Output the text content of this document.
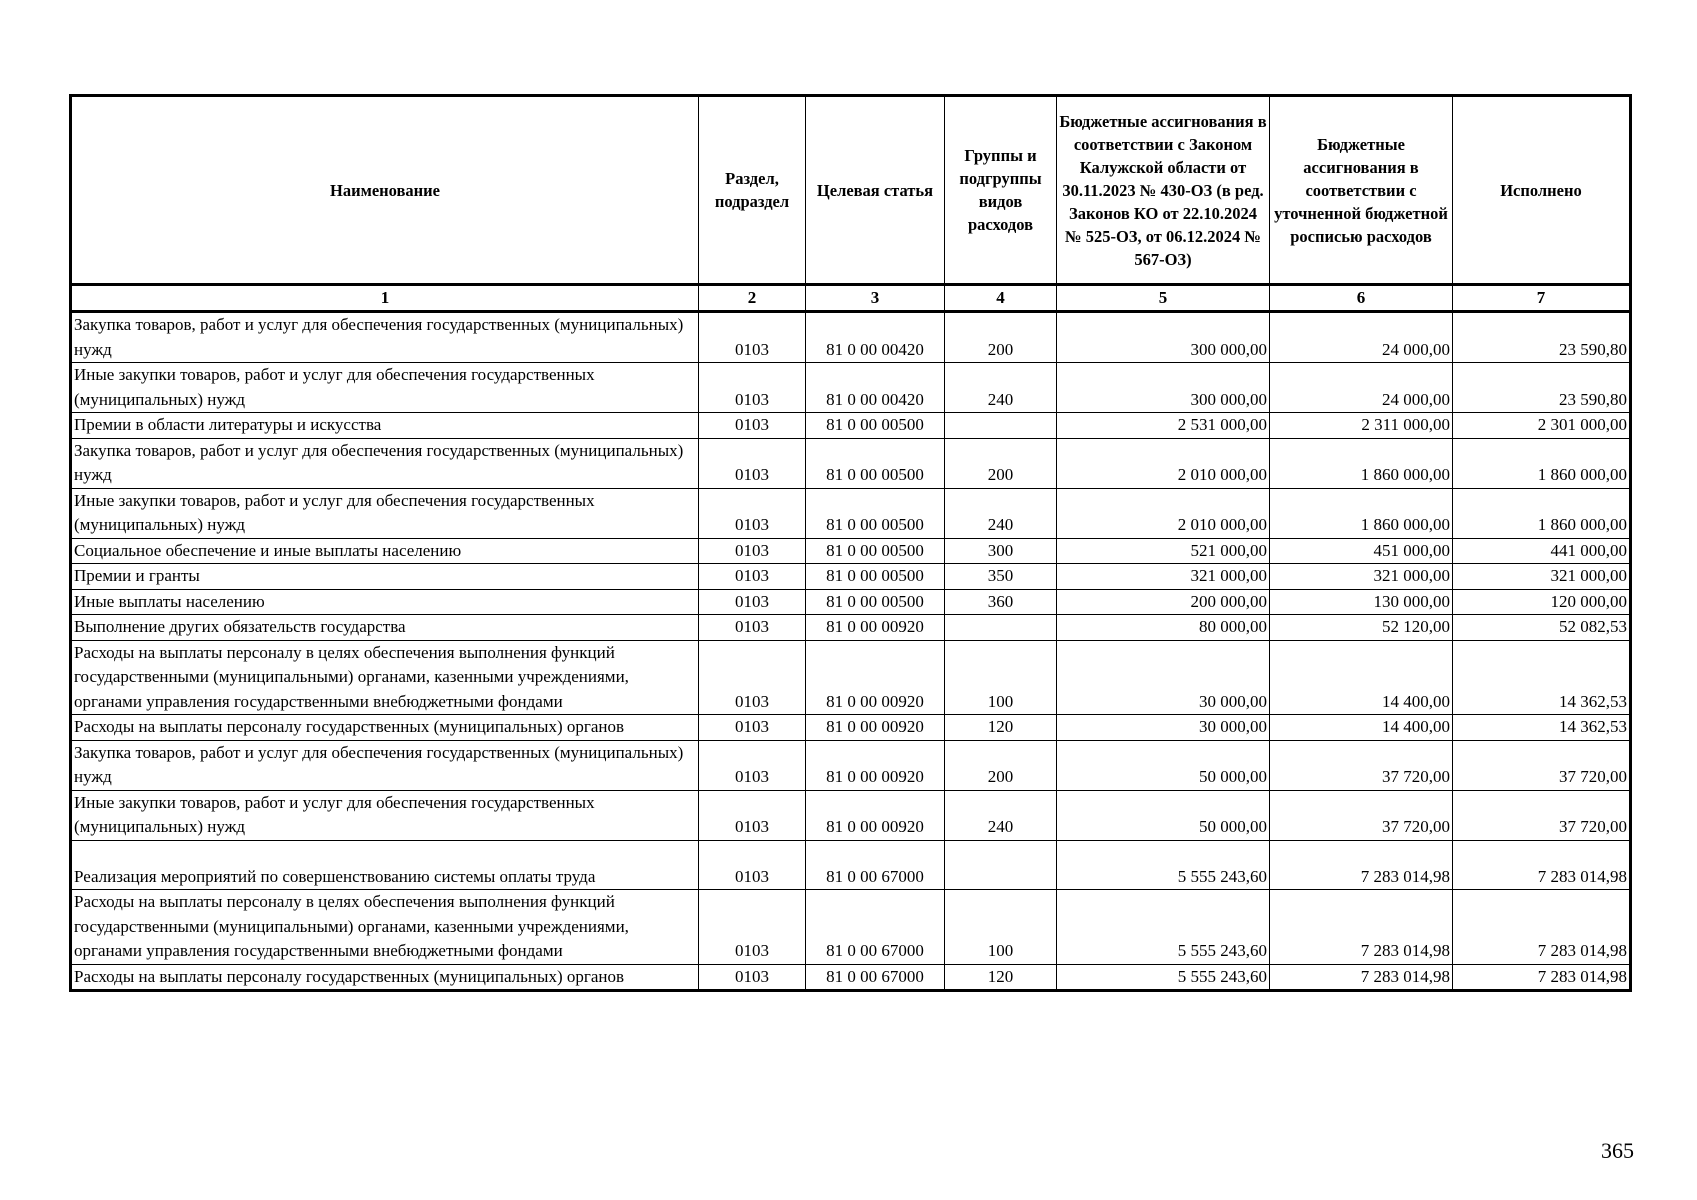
Наименование	Раздел, подраздел	Целевая статья	Группы и подгруппы видов расходов	Бюджетные ассигнования в соответствии с Законом Калужской области от 30.11.2023 № 430-ОЗ (в ред. Законов КО от 22.10.2024 № 525-ОЗ, от 06.12.2024 № 567-ОЗ)	Бюджетные ассигнования в соответствии с уточненной бюджетной росписью расходов	Исполнено
1	2	3	4	5	6	7
Закупка товаров, работ и услуг для обеспечения государственных (муниципальных) нужд	0103	81 0 00 00420	200	300 000,00	24 000,00	23 590,80
Иные закупки товаров, работ и услуг для обеспечения государственных (муниципальных) нужд	0103	81 0 00 00420	240	300 000,00	24 000,00	23 590,80
Премии в области литературы и искусства	0103	81 0 00 00500		2 531 000,00	2 311 000,00	2 301 000,00
Закупка товаров, работ и услуг для обеспечения государственных (муниципальных) нужд	0103	81 0 00 00500	200	2 010 000,00	1 860 000,00	1 860 000,00
Иные закупки товаров, работ и услуг для обеспечения государственных (муниципальных) нужд	0103	81 0 00 00500	240	2 010 000,00	1 860 000,00	1 860 000,00
Социальное обеспечение и иные выплаты населению	0103	81 0 00 00500	300	521 000,00	451 000,00	441 000,00
Премии и гранты	0103	81 0 00 00500	350	321 000,00	321 000,00	321 000,00
Иные выплаты населению	0103	81 0 00 00500	360	200 000,00	130 000,00	120 000,00
Выполнение других обязательств государства	0103	81 0 00 00920		80 000,00	52 120,00	52 082,53
Расходы на выплаты персоналу в целях обеспечения выполнения функций государственными (муниципальными) органами, казенными учреждениями, органами управления государственными внебюджетными фондами	0103	81 0 00 00920	100	30 000,00	14 400,00	14 362,53
Расходы на выплаты персоналу государственных (муниципальных) органов	0103	81 0 00 00920	120	30 000,00	14 400,00	14 362,53
Закупка товаров, работ и услуг для обеспечения государственных (муниципальных) нужд	0103	81 0 00 00920	200	50 000,00	37 720,00	37 720,00
Иные закупки товаров, работ и услуг для обеспечения государственных (муниципальных) нужд	0103	81 0 00 00920	240	50 000,00	37 720,00	37 720,00
Реализация мероприятий по совершенствованию системы оплаты труда	0103	81 0 00 67000		5 555 243,60	7 283 014,98	7 283 014,98
Расходы на выплаты персоналу в целях обеспечения выполнения функций государственными (муниципальными) органами, казенными учреждениями, органами управления государственными внебюджетными фондами	0103	81 0 00 67000	100	5 555 243,60	7 283 014,98	7 283 014,98
Расходы на выплаты персоналу государственных (муниципальных) органов	0103	81 0 00 67000	120	5 555 243,60	7 283 014,98	7 283 014,98
365
